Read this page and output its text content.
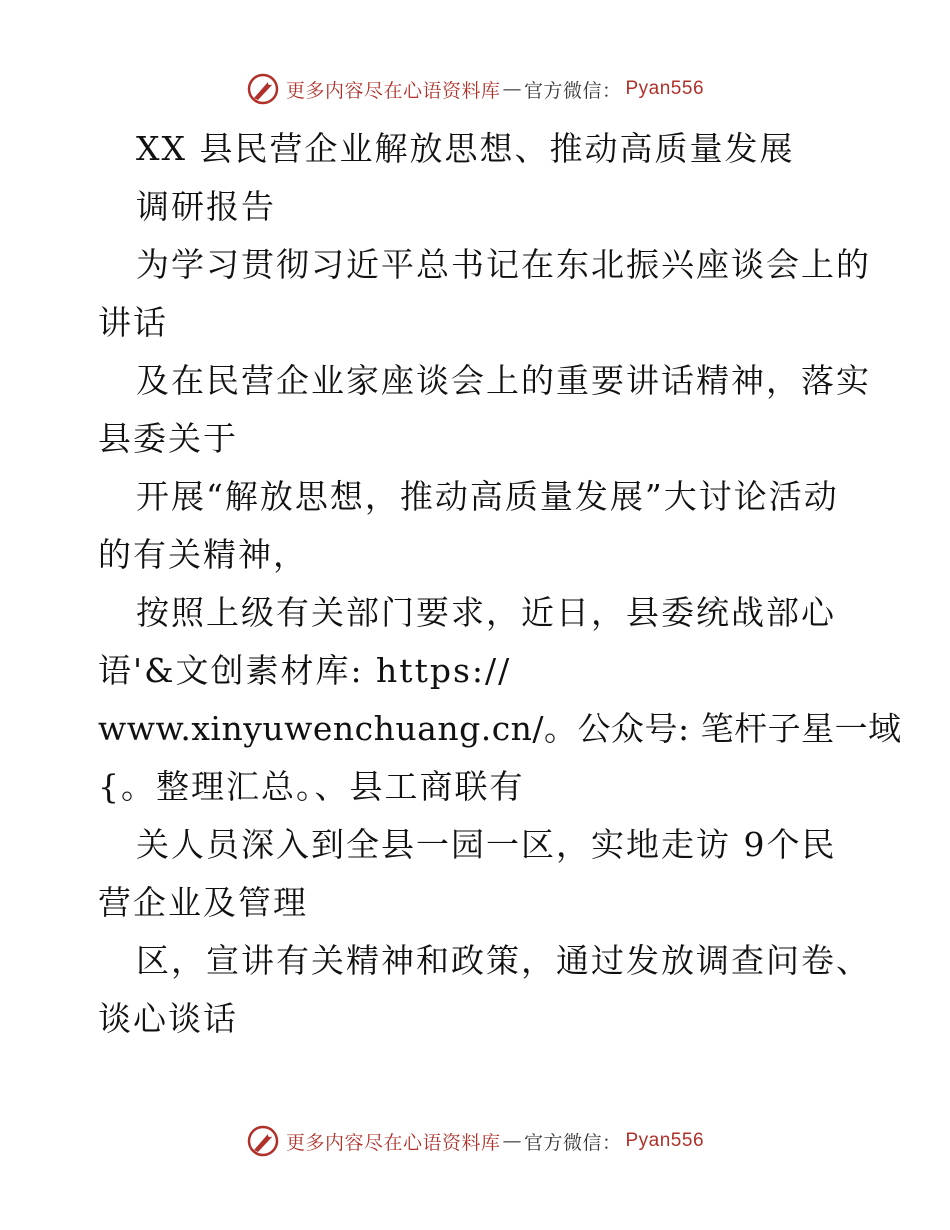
更多内容尽在心语资料库 — 官方微信： Pyan556
XX 县民营企业解放思想、推动高质量发展
调研报告
为学习贯彻习近平总书记在东北振兴座谈会上的
讲话
及在民营企业家座谈会上的重要讲话精神，落实
县委关于
开展“解放思想，推动高质量发展”大讨论活动
的有关精神，
按照上级有关部门要求，近日，县委统战部心
语'&文创素材库: https://
www.xinyuwenchuang.cn/。公众号: 笔杆子星一域
{。整理汇总。、县工商联有
关人员深入到全县一园一区，实地走访 9个民
营企业及管理
区，宣讲有关精神和政策，通过发放调查问卷、
谈心谈话
更多内容尽在心语资料库 — 官方微信： Pyan556
